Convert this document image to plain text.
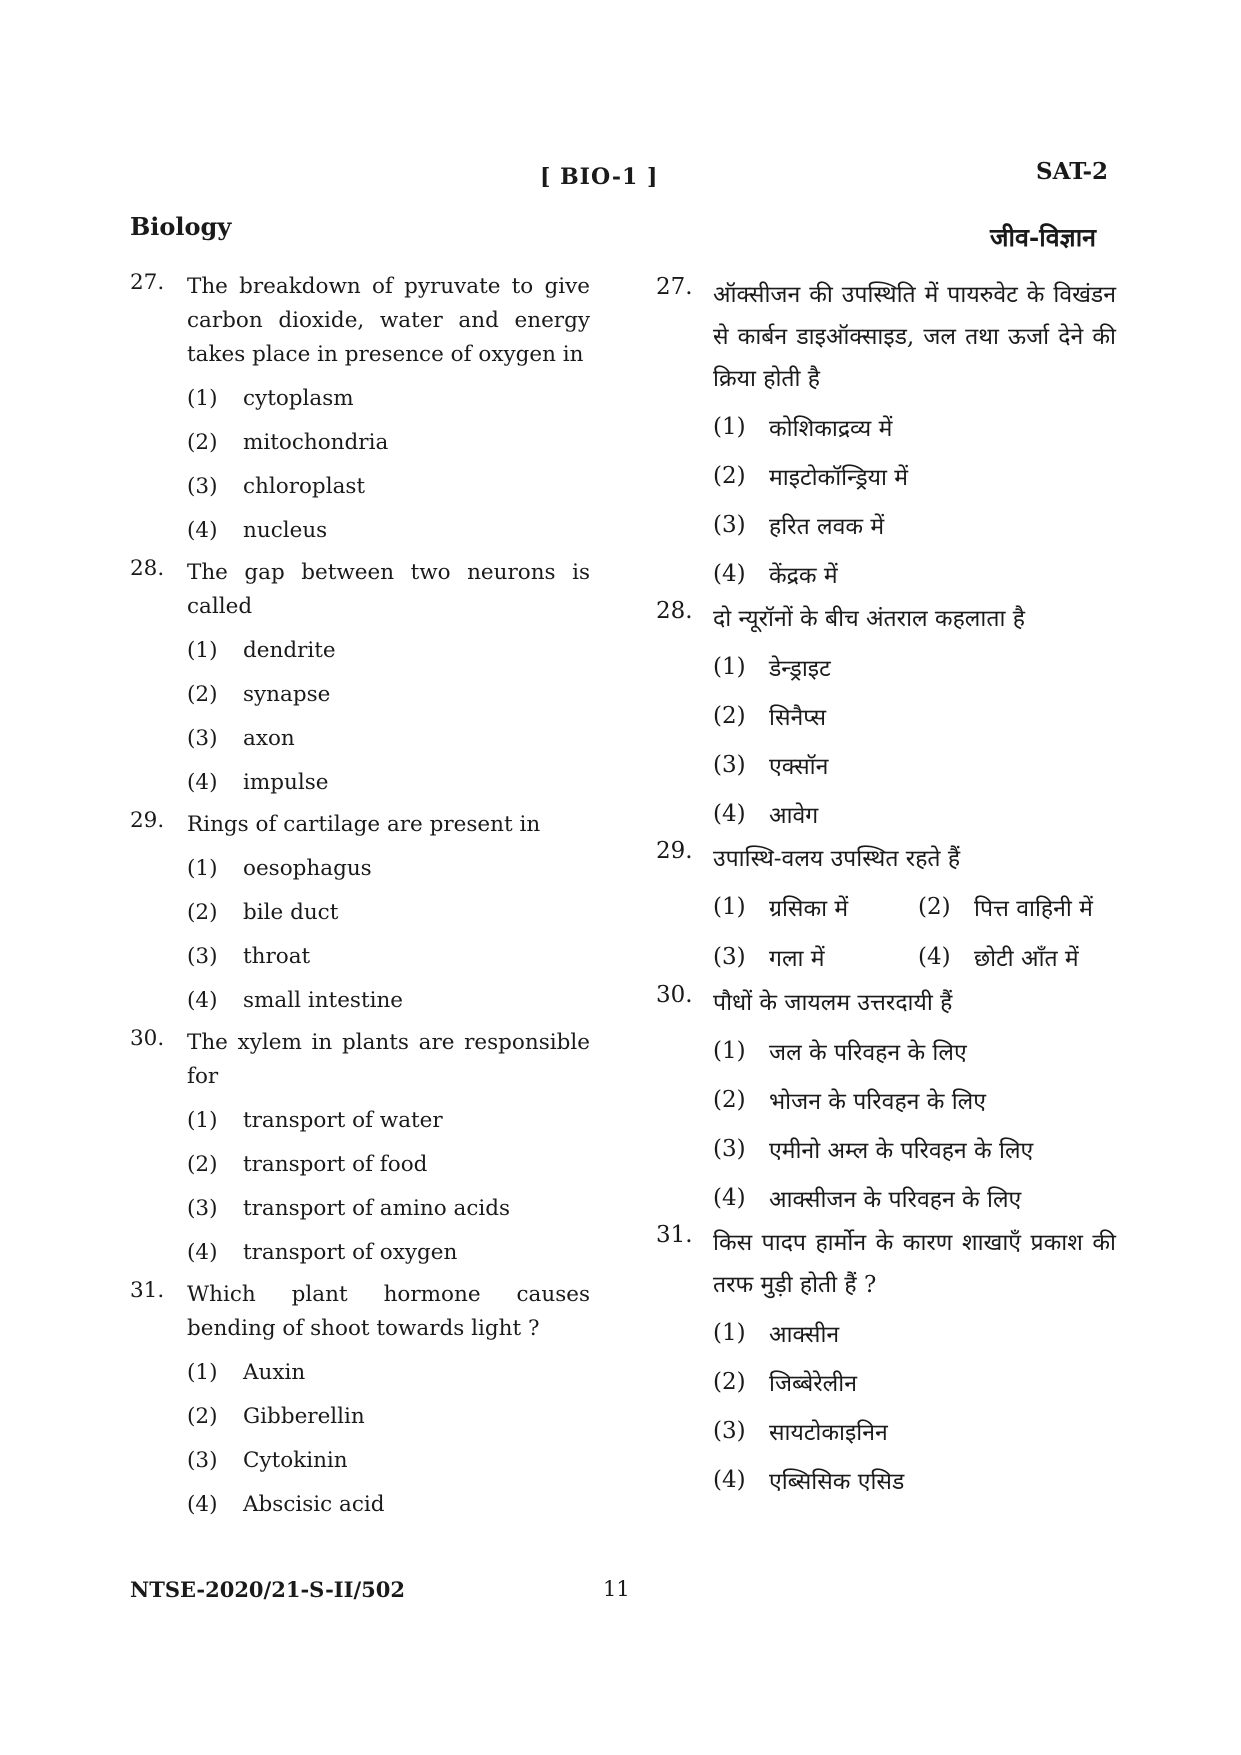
[ BIO-1 ]	SAT-2
Biology	जीव-विज्ञान
27. The breakdown of pyruvate to give carbon dioxide, water and energy takes place in presence of oxygen in
(1)	cytoplasm
(2)	mitochondria
(3)	chloroplast
(4)	nucleus
28. The gap between two neurons is called
(1)	dendrite
(2)	synapse
(3)	axon
(4)	impulse
29. Rings of cartilage are present in
(1)	oesophagus
(2)	bile duct
(3)	throat
(4)	small intestine
30. The xylem in plants are responsible for
(1)	transport of water
(2)	transport of food
(3)	transport of amino acids
(4)	transport of oxygen
31. Which plant hormone causes bending of shoot towards light ?
(1)	Auxin
(2)	Gibberellin
(3)	Cytokinin
(4)	Abscisic acid
27. ऑक्सीजन की उपस्थिति में पायरुवेट के विखंडन से कार्बन डाइऑक्साइड, जल तथा ऊर्जा देने की क्रिया होती है
(1)	कोशिकाद्रव्य में
(2)	माइटोकॉन्ड्रिया में
(3)	हरित लवक में
(4)	केंद्रक में
28. दो न्यूरॉनों के बीच अंतराल कहलाता है
(1)	डेन्ड्राइट
(2)	सिनैप्स
(3)	एक्सॉन
(4)	आवेग
29. उपास्थि-वलय उपस्थित रहते हैं
(1)	ग्रसिका में	(2)	पित्त वाहिनी में
(3)	गला में	(4)	छोटी आँत में
30. पौधों के जायलम उत्तरदायी हैं
(1)	जल के परिवहन के लिए
(2)	भोजन के परिवहन के लिए
(3)	एमीनो अम्ल के परिवहन के लिए
(4)	आक्सीजन के परिवहन के लिए
31. किस पादप हार्मोन के कारण शाखाएँ प्रकाश की तरफ मुड़ी होती हैं ?
(1)	आक्सीन
(2)	जिब्बेरेलीन
(3)	सायटोकाइनिन
(4)	एब्सिसिक एसिड
NTSE-2020/21-S-II/502	11
